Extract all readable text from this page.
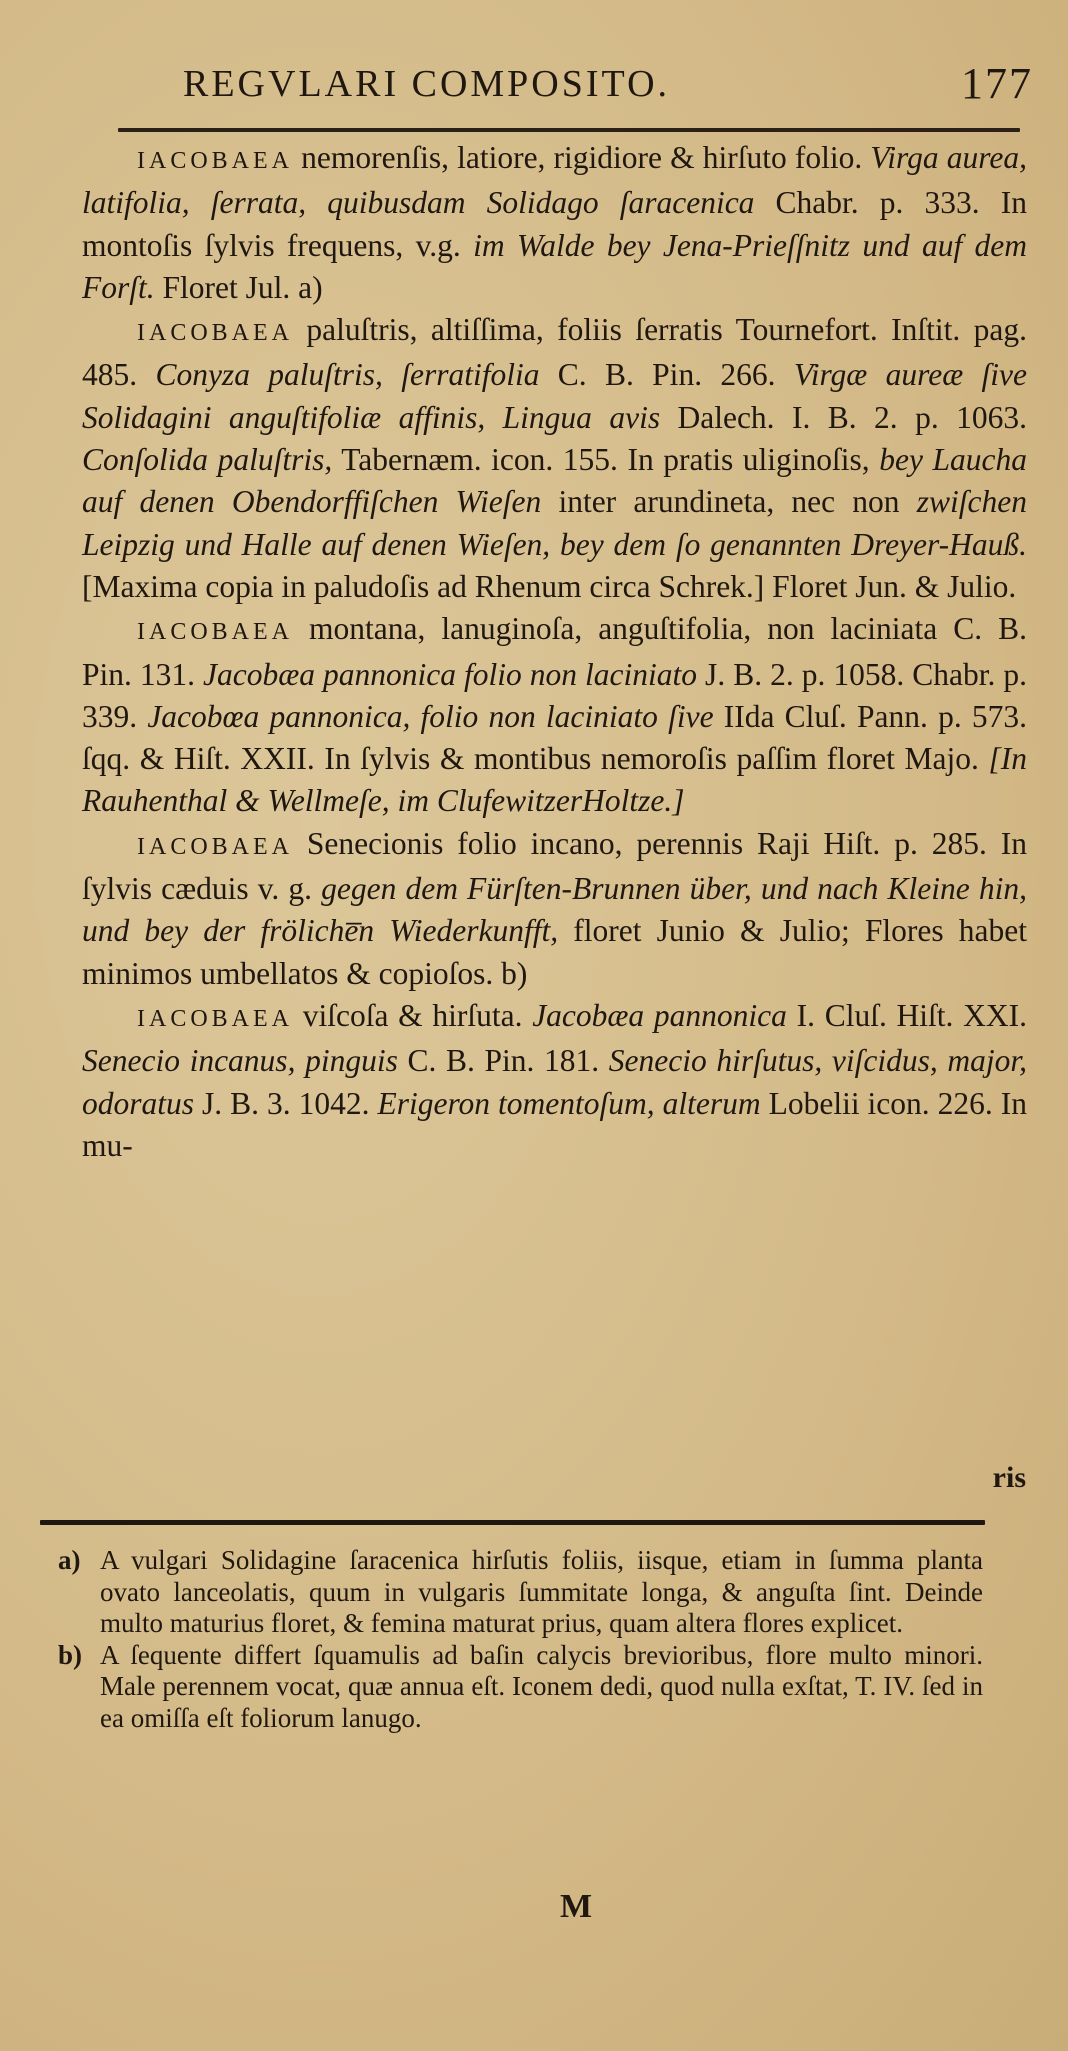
REGVLARI COMPOSITO.	177

IACOBAEA nemorenſis, latiore, rigidiore & hirſuto folio. Virga aurea, latifolia, ſerrata, quibusdam Solidago ſaracenica Chabr. p. 333. In montoſis ſylvis frequens, v.g. im Walde bey Jena-Prieſſnitz und auf dem Forſt. Floret Jul. a)

IACOBAEA paluſtris, altiſſima, foliis ſerratis Tournefort. Inſtit. pag. 485. Conyza paluſtris, ſerratifolia C. B. Pin. 266. Virgæ aureæ ſive Solidagini anguſtifoliæ affinis, Lingua avis Dalech. I. B. 2. p. 1063. Conſolida paluſtris, Tabernæm. icon. 155. In pratis uliginoſis, bey Laucha auf denen Obendorffiſchen Wieſen inter arundineta, nec non zwiſchen Leipzig und Halle auf denen Wieſen, bey dem ſo genannten Dreyer-Hauß. [Maxima copia in paludoſis ad Rhenum circa Schrek.] Floret Jun. & Julio.

IACOBAEA montana, lanuginoſa, anguſtifolia, non laciniata C. B. Pin. 131. Jacobæa pannonica folio non laciniato J. B. 2. p. 1058. Chabr. p. 339. Jacobœa pannonica, folio non laciniato ſive IIda Cluſ. Pann. p. 573. ſqq. & Hiſt. XXII. In ſylvis & montibus nemoroſis paſſim floret Majo. [In Rauhenthal & Wellmeſe, im ClufewitzerHoltze.]

IACOBAEA Senecionis folio incano, perennis Raji Hiſt. p. 285. In ſylvis cæduis v. g. gegen dem Fürſten-Brunnen über, und nach Kleine hin, und bey der fröliche̅n Wiederkunfft, floret Junio & Julio; Flores habet minimos umbellatos & copioſos. b)

IACOBAEA viſcoſa & hirſuta. Jacobæa pannonica I. Cluſ. Hiſt. XXI. Senecio incanus, pinguis C. B. Pin. 181. Senecio hirſutus, viſcidus, major, odoratus J. B. 3. 1042. Erigeron tomentoſum, alterum Lobelii icon. 226. In mu-

ris

a) A vulgari Solidagine ſaracenica hirſutis foliis, iisque, etiam in ſumma planta ovato lanceolatis, quum in vulgaris ſummitate longa, & anguſta ſint. Deinde multo maturius floret, & femina maturat prius, quam altera flores explicet.

b) A ſequente differt ſquamulis ad baſin calycis brevioribus, flore multo minori. Male perennem vocat, quæ annua eſt. Iconem dedi, quod nulla exſtat, T. IV. ſed in ea omiſſa eſt foliorum lanugo.

M
